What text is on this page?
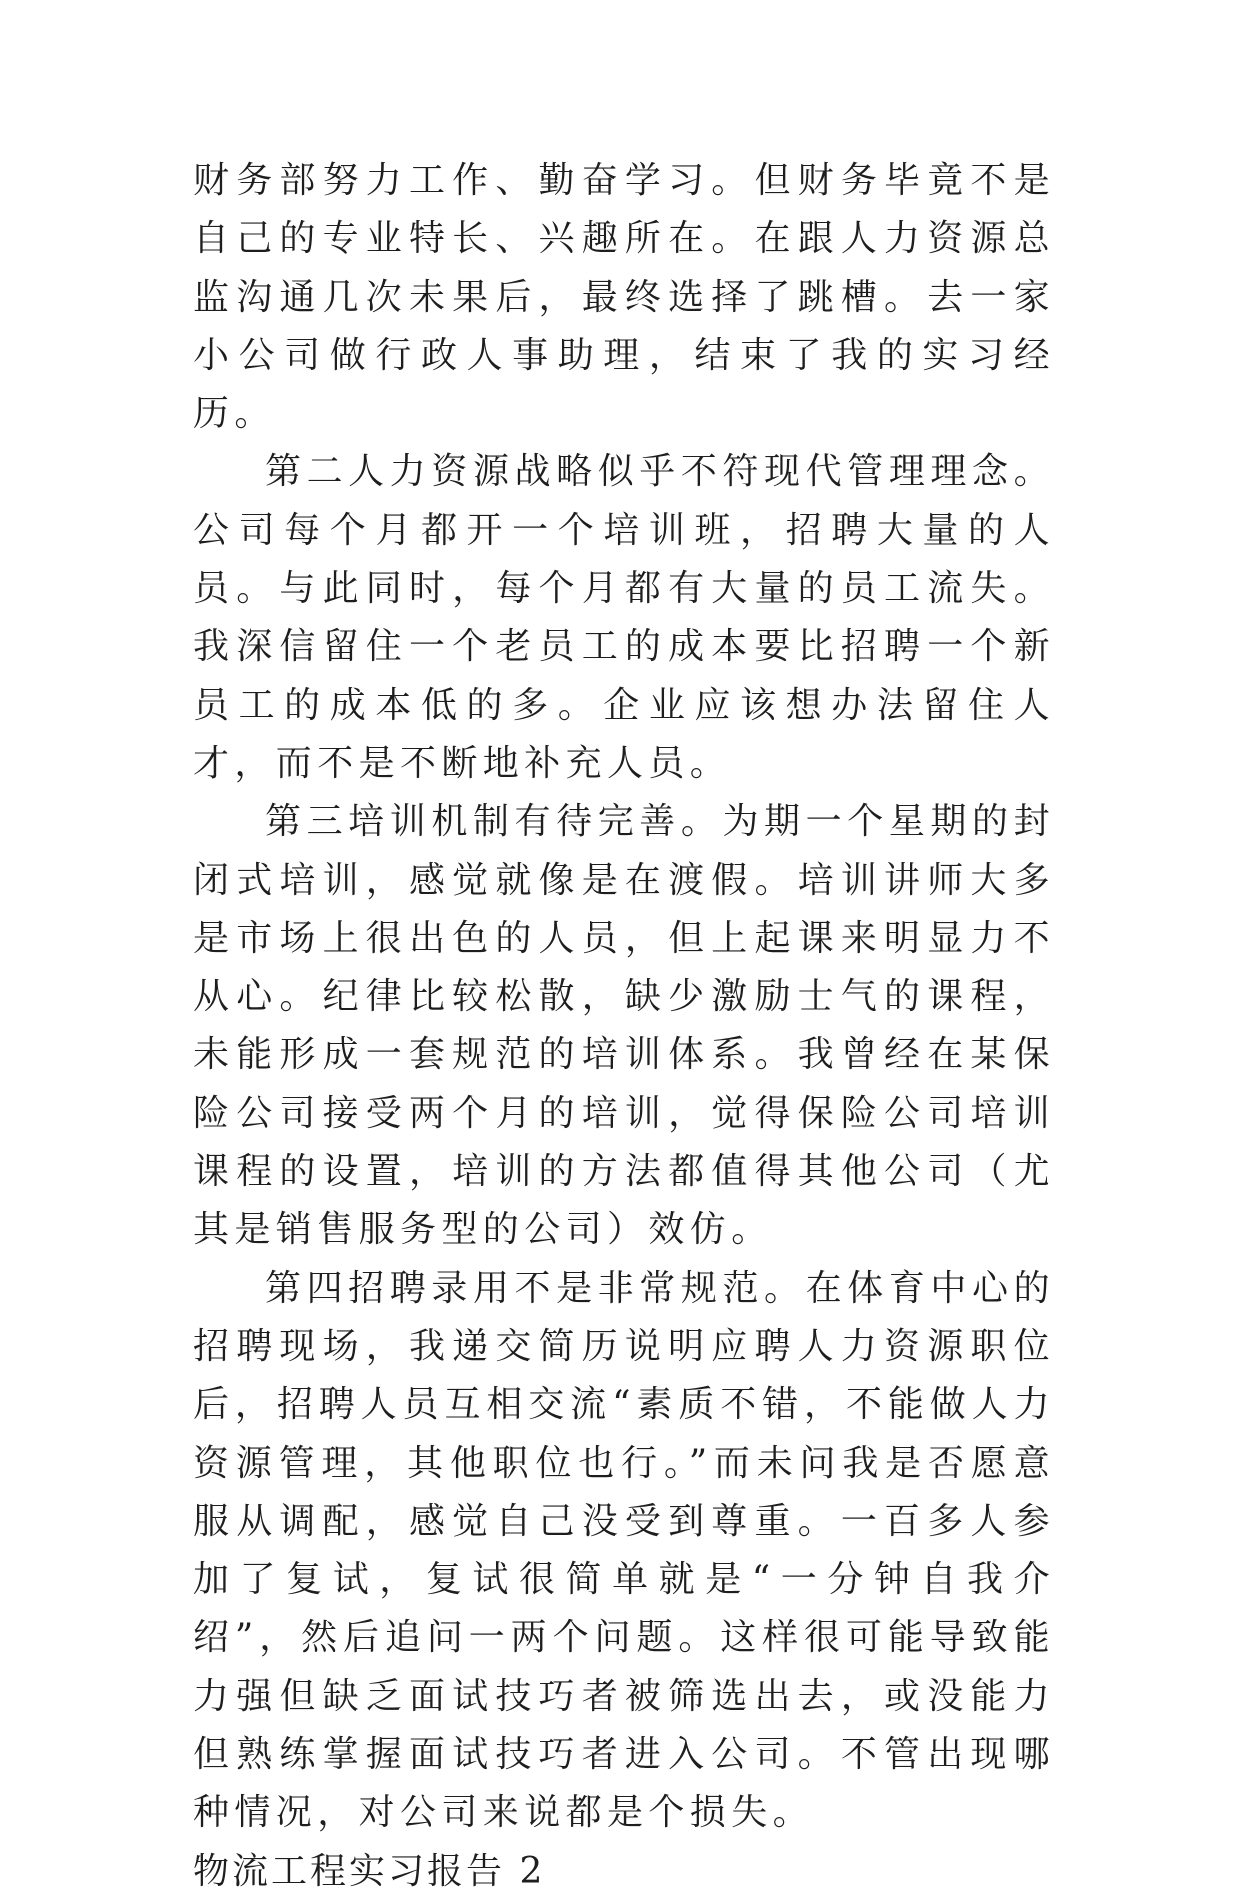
财务部努力工作、勤奋学习。但财务毕竟不是自己的专业特长、兴趣所在。在跟人力资源总监沟通几次未果后，最终选择了跳槽。去一家小公司做行政人事助理，结束了我的实习经历。

第二人力资源战略似乎不符现代管理理念。公司每个月都开一个培训班，招聘大量的人员。与此同时，每个月都有大量的员工流失。我深信留住一个老员工的成本要比招聘一个新员工的成本低的多。企业应该想办法留住人才，而不是不断地补充人员。

第三培训机制有待完善。为期一个星期的封闭式培训，感觉就像是在渡假。培训讲师大多是市场上很出色的人员，但上起课来明显力不从心。纪律比较松散，缺少激励士气的课程，未能形成一套规范的培训体系。我曾经在某保险公司接受两个月的培训，觉得保险公司培训课程的设置，培训的方法都值得其他公司（尤其是销售服务型的公司）效仿。

第四招聘录用不是非常规范。在体育中心的招聘现场，我递交简历说明应聘人力资源职位后，招聘人员互相交流“素质不错，不能做人力资源管理，其他职位也行。”而未问我是否愿意服从调配，感觉自己没受到尊重。一百多人参加了复试，复试很简单就是“一分钟自我介绍”，然后追问一两个问题。这样很可能导致能力强但缺乏面试技巧者被筛选出去，或没能力但熟练掌握面试技巧者进入公司。不管出现哪种情况，对公司来说都是个损失。

物流工程实习报告 2
